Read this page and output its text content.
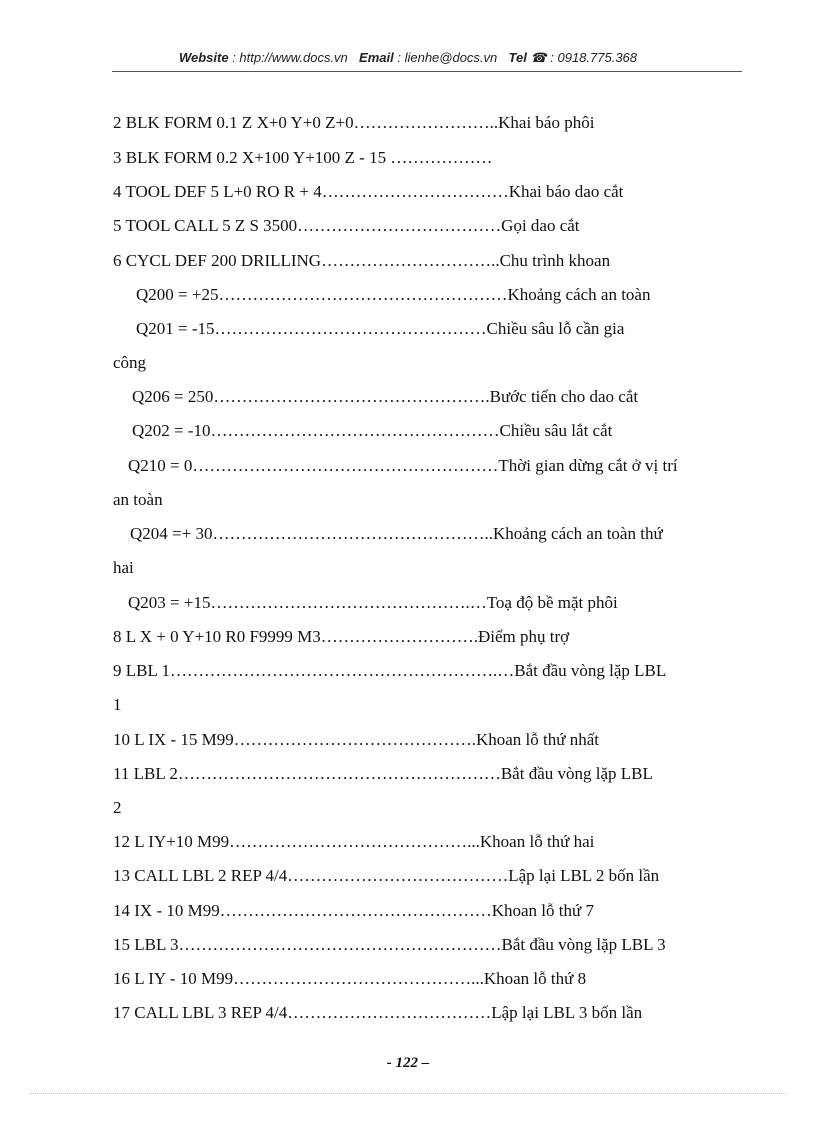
Website : http://www.docs.vn Email : lienhe@docs.vn Tel ☎ : 0918.775.368
2 BLK FORM 0.1 Z X+0 Y+0 Z+0……………………..Khai báo phôi
3 BLK FORM 0.2 X+100 Y+100 Z - 15 ………………
4 TOOL DEF 5 L+0 RO R + 4……………………………Khai báo dao cắt
5 TOOL CALL 5 Z S 3500………………………………Gọi dao cắt
6 CYCL DEF 200 DRILLING…………………………..Chu trình khoan
Q200 = +25……………………………………………Khoảng cách an toàn
Q201 = -15…………………………………………Chiều sâu lỗ cần gia
công
Q206 = 250………………………………………….Bước tiến cho dao cắt
Q202 = -10……………………………………………Chiều sâu lắt cắt
Q210 = 0………………………………………………Thời gian dừng cắt ở vị trí
an toàn
Q204 =+ 30…………………………………………..Khoảng cách an toàn thứ
hai
Q203 = +15……………………………………….…Toạ độ bề mặt phôi
8 L X + 0 Y+10 R0 F9999 M3……………………….Điểm phụ trợ
9 LBL 1………………………………………………….…Bắt đầu vòng lặp LBL
1
10 L IX - 15 M99…………………………………….Khoan lỗ thứ nhất
11 LBL 2…………………………………………………Bắt đầu vòng lặp LBL
2
12 L IY+10 M99……………………………………...Khoan lỗ thứ hai
13 CALL LBL 2 REP 4/4…………………………………Lập lại LBL 2 bốn lần
14 IX - 10 M99…………………………………………Khoan lỗ thứ 7
15 LBL 3…………………………………………………Bắt đầu vòng lặp LBL 3
16 L IY - 10 M99……………………………………...Khoan lỗ thứ 8
17 CALL LBL 3 REP 4/4………………………………Lập lại LBL 3 bốn lần
- 122 –
